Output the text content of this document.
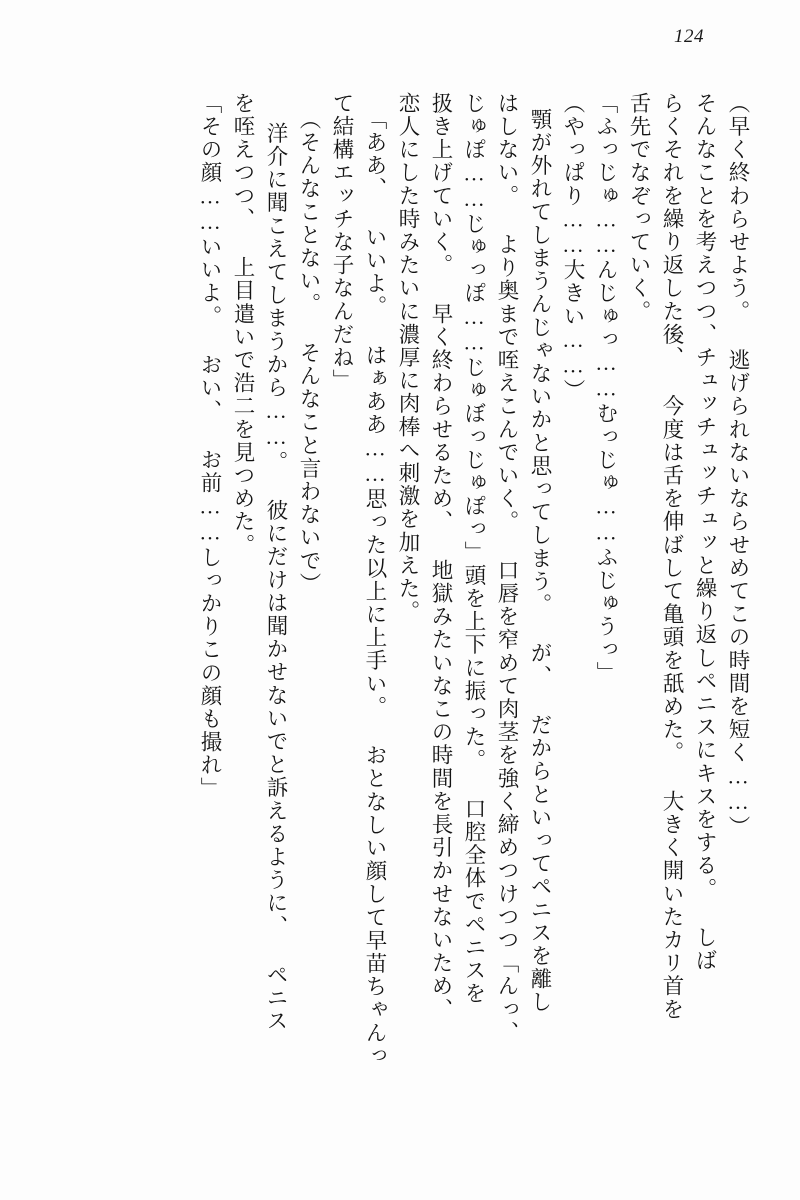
124
（早く終わらせよう。 逃げられないならせめてこの時間を短く……）
そんなことを考えつつ、チュッチュッチュッと繰り返しペニスにキスをする。 しば
らくそれを繰り返した後、 今度は舌を伸ばして亀頭を舐めた。 大きく開いたカリ首を
舌先でなぞっていく。
「ふっじゅ……んじゅっ……むっじゅ……ふじゅうっ」
（やっぱり……大きい……）
顎が外れてしまうんじゃないかと思ってしまう。 が、 だからといってペニスを離し
はしない。 より奥まで咥えこんでいく。 口唇を窄めて肉茎を強く締めつけつつ「んっ、
じゅぽ……じゅっぽ……じゅぼっじゅぽっ」頭を上下に振った。 口腔全体でペニスを
扱き上げていく。 早く終わらせるため、 地獄みたいなこの時間を長引かせないため、
恋人にした時みたいに濃厚に肉棒へ刺激を加えた。
「ああ、 いいよ。 はぁああ……思った以上に上手い。 おとなしい顔して早苗ちゃんっ
て結構エッチな子なんだね」
（そんなことない。 そんなこと言わないで）
洋介に聞こえてしまうから……。 彼にだけは聞かせないでと訴えるように、 ペニス
を咥えつつ、 上目遣いで浩二を見つめた。
「その顔……いいよ。 おい、 お前……しっかりこの顔も撮れ」
